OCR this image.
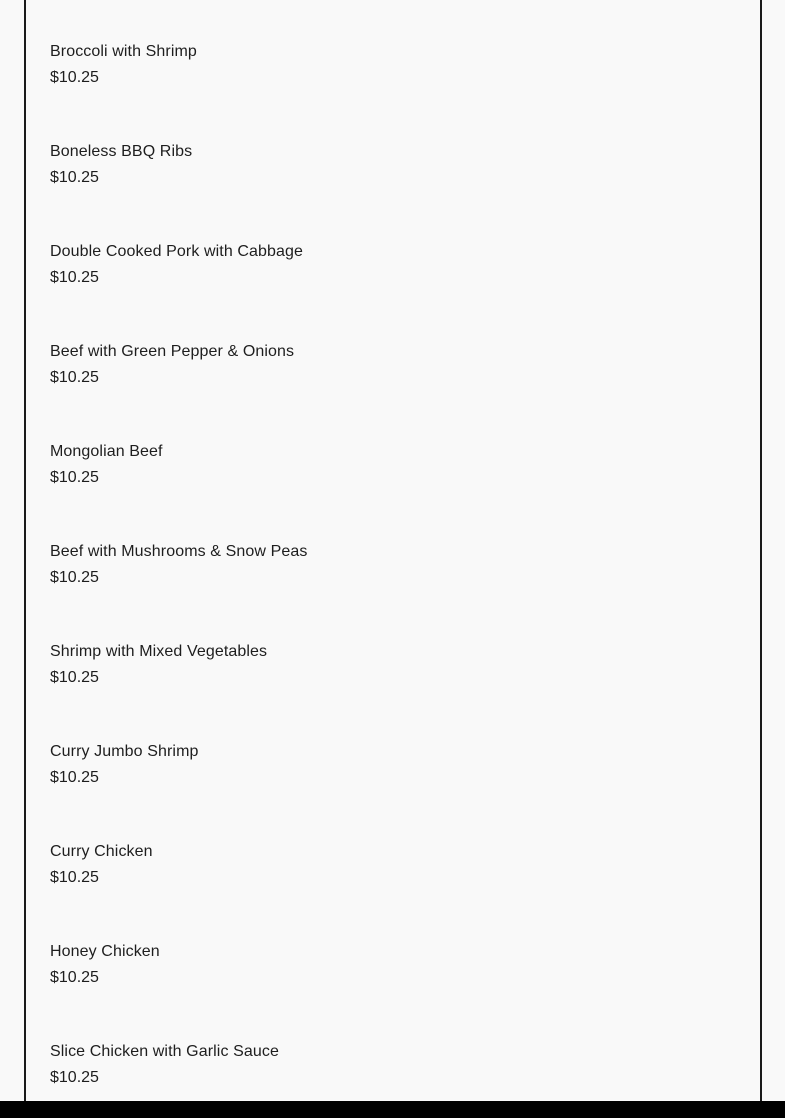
Broccoli with Shrimp
$10.25
Boneless BBQ Ribs
$10.25
Double Cooked Pork with Cabbage
$10.25
Beef with Green Pepper & Onions
$10.25
Mongolian Beef
$10.25
Beef with Mushrooms & Snow Peas
$10.25
Shrimp with Mixed Vegetables
$10.25
Curry Jumbo Shrimp
$10.25
Curry Chicken
$10.25
Honey Chicken
$10.25
Slice Chicken with Garlic Sauce
$10.25
